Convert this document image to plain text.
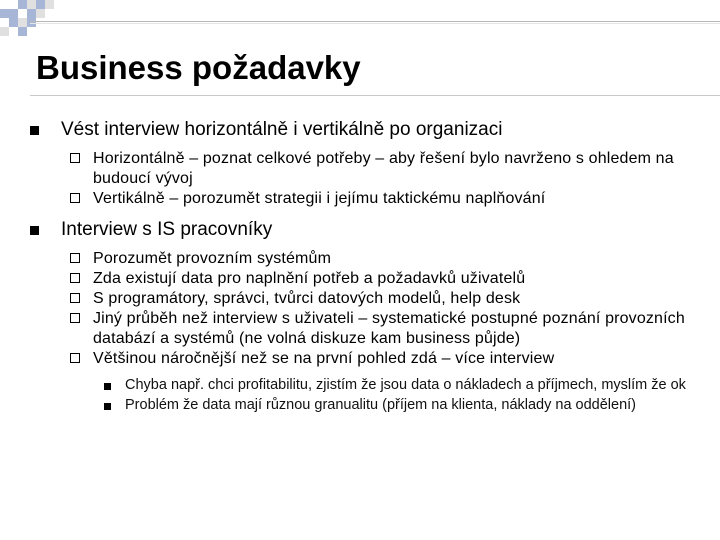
Business požadavky
Vést interview horizontálně i vertikálně po organizaci
Horizontálně – poznat celkové potřeby – aby řešení bylo navrženo s ohledem na budoucí vývoj
Vertikálně – porozumět strategii i jejímu taktickému naplňování
Interview s IS pracovníky
Porozumět provozním systémům
Zda existují data pro naplnění potřeb a požadavků uživatelů
S programátory, správci, tvůrci datových modelů, help desk
Jiný průběh než interview s uživateli – systematické postupné poznání provozních databází a systémů (ne volná diskuze kam business půjde)
Většinou náročnější než se na první pohled zdá – více interview
Chyba např. chci profitabilitu, zjistím že jsou data o nákladech a příjmech, myslím že ok
Problém že data mají různou granualitu (příjem na klienta, náklady na oddělení)
